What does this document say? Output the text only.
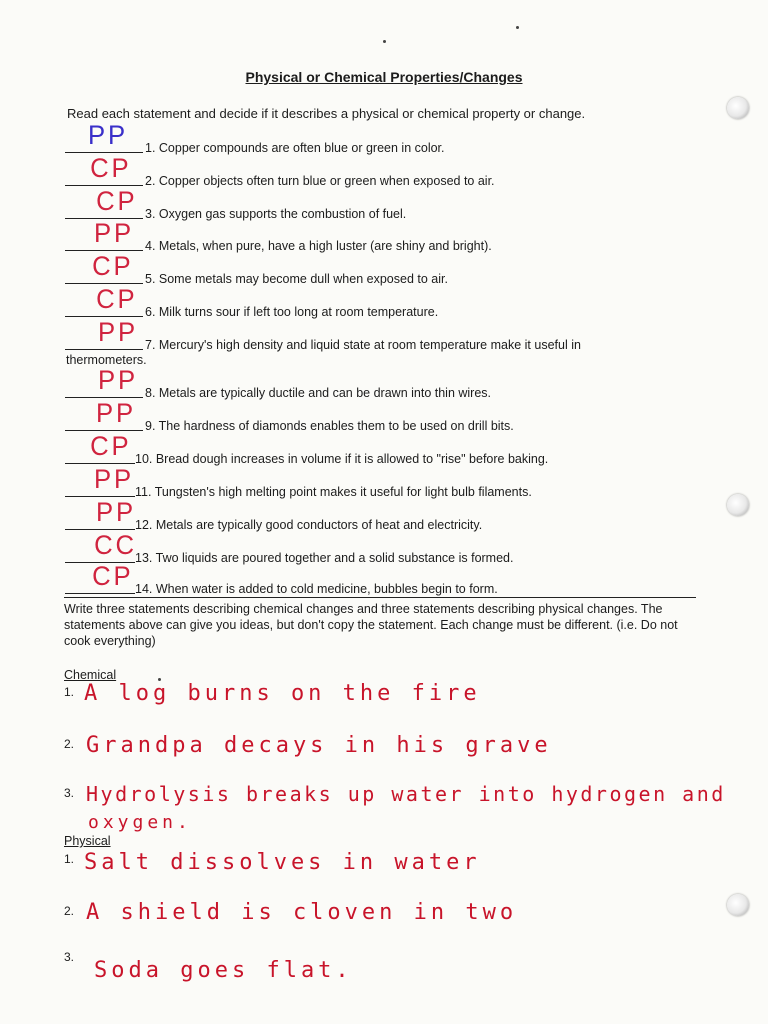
Physical or Chemical Properties/Changes
Read each statement and decide if it describes a physical or chemical property or change.
PP 1. Copper compounds are often blue or green in color.
CP 2. Copper objects often turn blue or green when exposed to air.
CP 3. Oxygen gas supports the combustion of fuel.
PP 4. Metals, when pure, have a high luster (are shiny and bright).
CP 5. Some metals may become dull when exposed to air.
CP 6. Milk turns sour if left too long at room temperature.
PP 7. Mercury's high density and liquid state at room temperature make it useful in
thermometers.
PP 8. Metals are typically ductile and can be drawn into thin wires.
PP 9. The hardness of diamonds enables them to be used on drill bits.
CP 10. Bread dough increases in volume if it is allowed to "rise" before baking.
PP 11. Tungsten's high melting point makes it useful for light bulb filaments.
PP 12. Metals are typically good conductors of heat and electricity.
CC
13. Two liquids are poured together and a solid substance is formed.
CP 14. When water is added to cold medicine, bubbles begin to form.
Write three statements describing chemical changes and three statements describing physical changes. The statements above can give you ideas, but don't copy the statement. Each change must be different. (i.e. Do not cook everything)
Chemical
1. A log burns on the fire
2. Grandpa decays in his grave
3. Hydrolysis breaks up water into hydrogen and
oxygen.
Physical
1. Salt dissolves in water
2. A shield is cloven in two
3.
Soda goes flat.
